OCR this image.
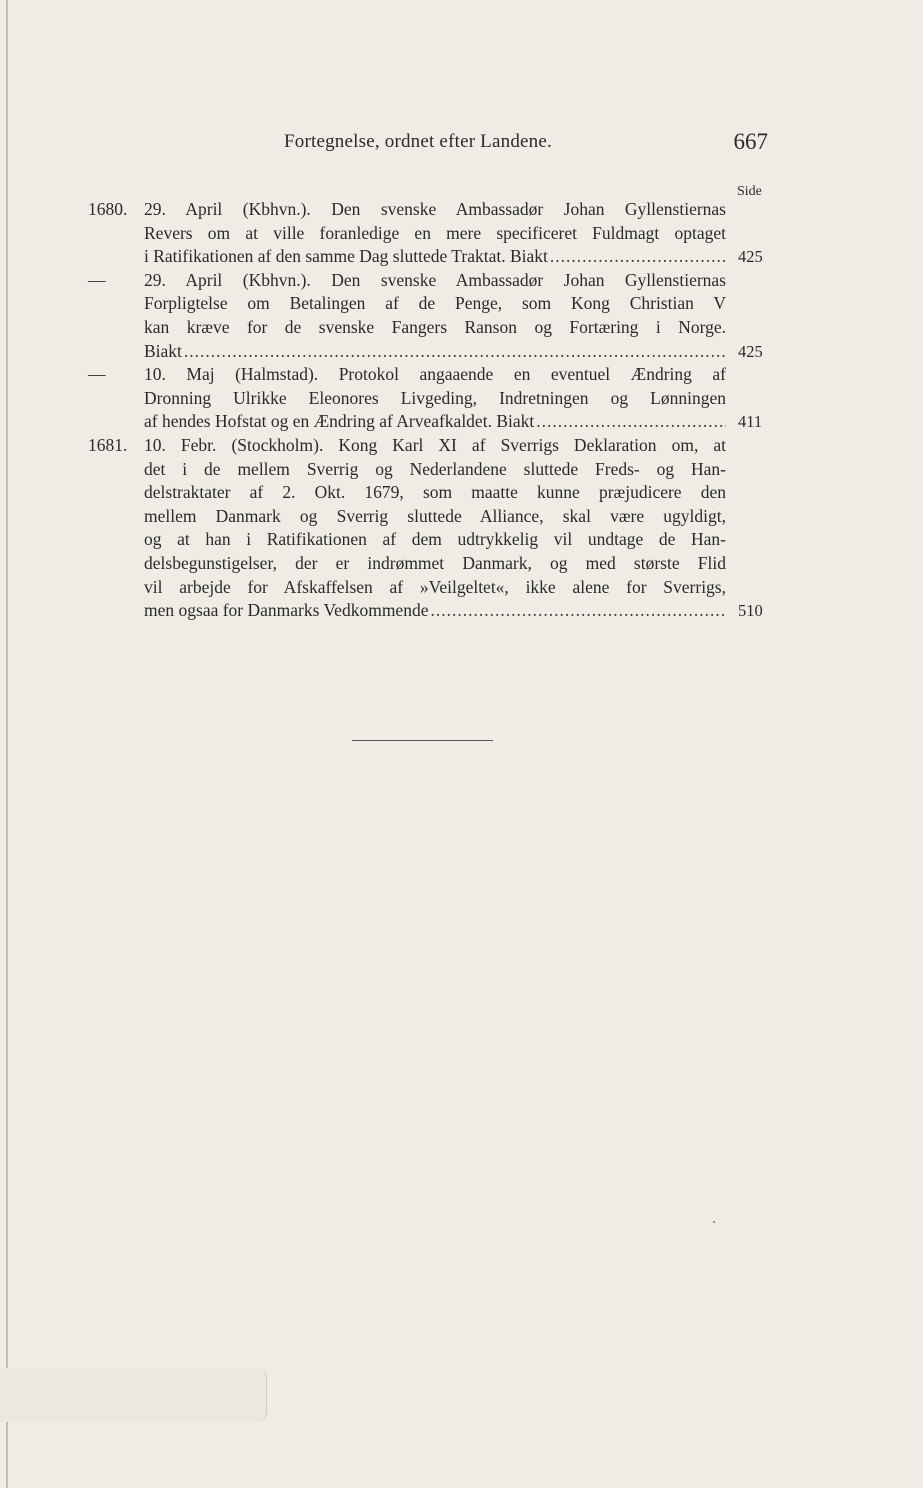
Fortegnelse, ordnet efter Landene.	667
Side
1680. 29. April (Kbhvn.). Den svenske Ambassadør Johan Gyllenstiernas
Revers om at ville foranledige en mere specificeret Fuldmagt optaget
i Ratifikationen af den samme Dag sluttede Traktat. Biakt .....	425
—	29. April (Kbhvn.). Den svenske Ambassadør Johan Gyllenstiernas
Forpligtelse om Betalingen af de Penge, som Kong Christian V
kan kræve for de svenske Fangers Ranson og Fortæring i Norge.
Biakt .....	425
—	10. Maj (Halmstad). Protokol angaaende en eventuel Ændring af
Dronning Ulrikke Eleonores Livgeding, Indretningen og Lønningen
af hendes Hofstat og en Ændring af Arveafkaldet. Biakt .....	411
1681. 10. Febr. (Stockholm). Kong Karl XI af Sverrigs Deklaration om, at
det i de mellem Sverrig og Nederlandene sluttede Freds- og Han-
delstraktater af 2. Okt. 1679, som maatte kunne præjudicere den
mellem Danmark og Sverrig sluttede Alliance, skal være ugyldigt,
og at han i Ratifikationen af dem udtrykkelig vil undtage de Han-
delsbegunstigelser, der er indrømmet Danmark, og med største Flid
vil arbejde for Afskaffelsen af »Veilgeltet«, ikke alene for Sverrigs,
men ogsaa for Danmarks Vedkommende .....	510
